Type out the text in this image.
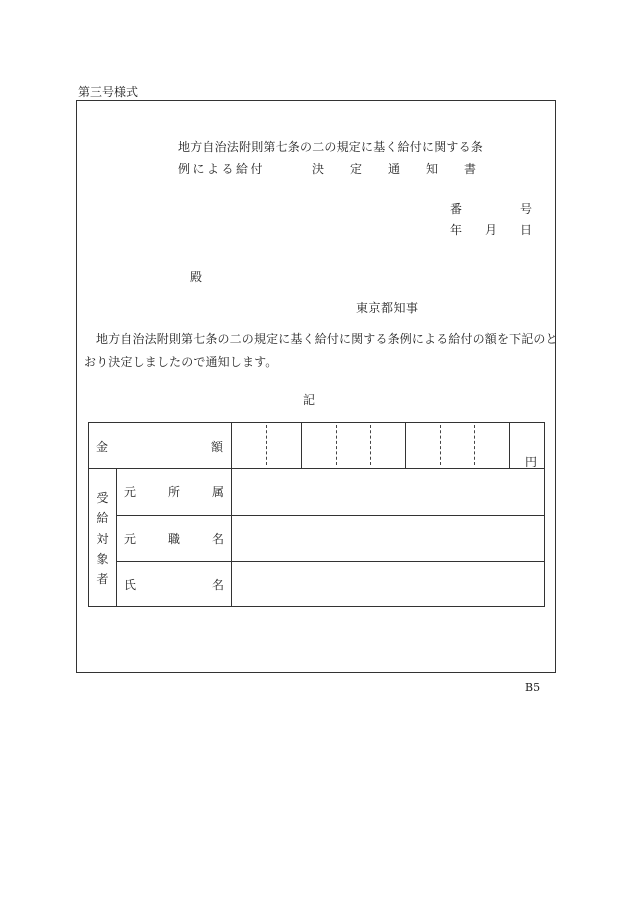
第三号様式
地方自治法附則第七条の二の規定に基く給付に関する条
例による給付	決 定 通 知 書
番	号
年 月 日
殿
東京都知事
地方自治法附則第七条の二の規定に基く給付に関する条例による給付の額を下記のと
おり決定しましたので通知します。
記
金	額
円
受
給
対
象
者
元	所	属
元	職	名
氏	名
B5
